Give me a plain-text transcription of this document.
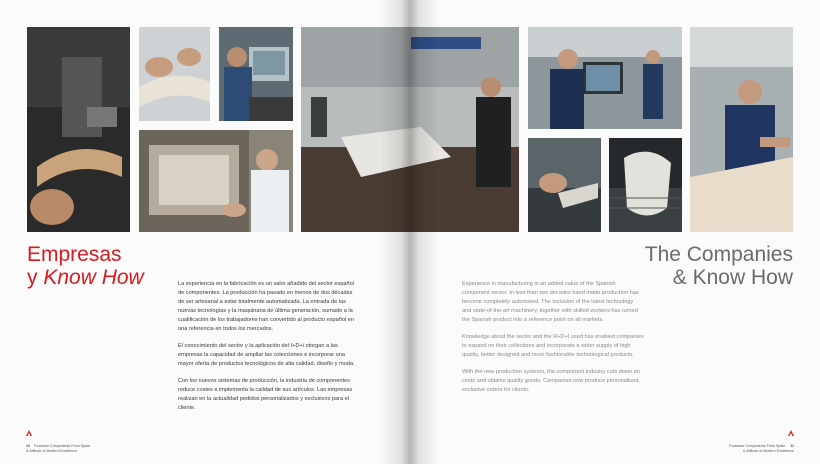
Empresas
y Know How	La experiencia en la fabricación es un valor añadido del sector español de componentes. La producción ha pasado en menos de dos décadas de ser artesanal a estar totalmente automatizada. La entrada de las nuevas tecnologías y la maquinaria de última generación, sumado a la cualificación de los trabajadores han convertido al producto español en una referencia en todos los mercados.

El conocimiento del sector y la aplicación del I+D+i otorgan a las empresas la capacidad de ampliar las colecciones e incorporar una mayor oferta de productos tecnológicos de alta calidad, diseño y moda.

Con los nuevos sistemas de producción, la industria de componentes reduce costes e implementa la calidad de sus artículos. Las empresas realizan en la actualidad pedidos personalizados y exclusivos para el cliente.

The Companies
& Know How

Experience in manufacturing is an added value of the Spanish component sector. In less than two decades hand made production has become completely automated. The inclusion of the latest technology and state-of-the-art machinery, together with skilled workers has turned the Spanish product into a reference point on all markets.

Knowledge about the sector and the R+D+I used has enabled companies to expand on their collections and incorporate a wider supply of high quality, better designed and more fashionable technological products.

With the new production systems, the component industry cuts down on costs and obtains quality goods. Companies now produce personalised, exclusive orders for clients.

10 Footwear Components From Spain
& Attitude of Modern Excellence
Footwear Components From Spain 11
& Attitude of Modern Excellence
